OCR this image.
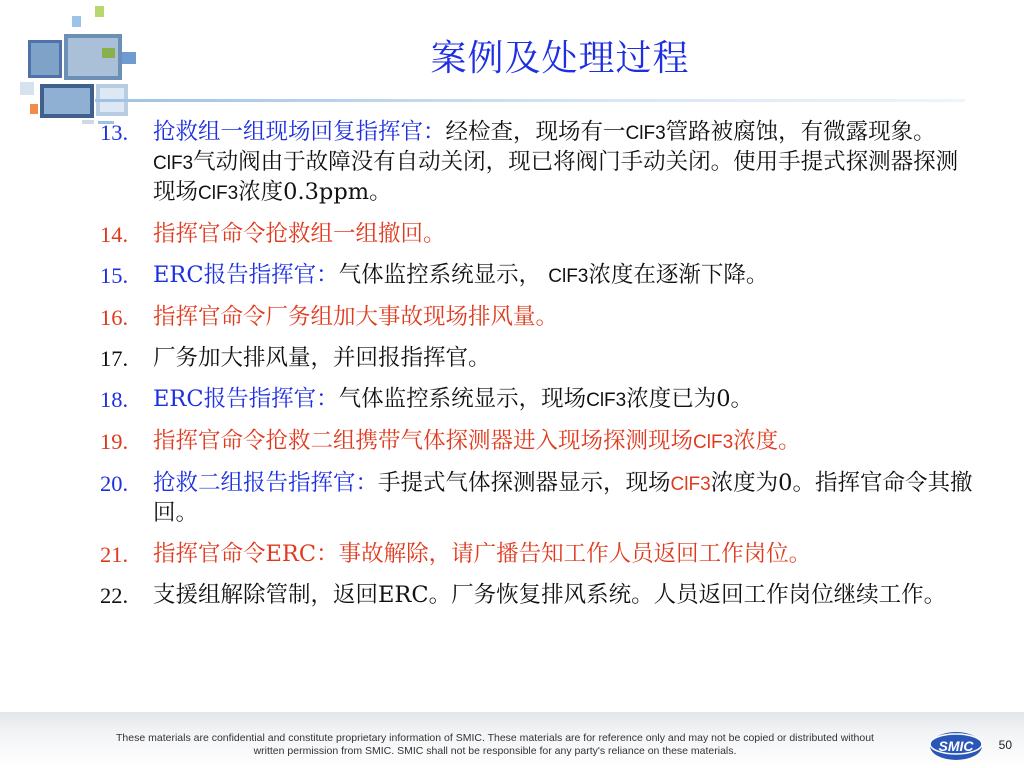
案例及处理过程
13.	抢救组一组现场回复指挥官：经检查，现场有一ClF3管路被腐蚀，有微露现象。 ClF3气动阀由于故障没有自动关闭，现已将阀门手动关闭。使用手提式探测器探测现场ClF3浓度0.3ppm。
14.	指挥官命令抢救组一组撤回。
15.	ERC报告指挥官：气体监控系统显示， ClF3浓度在逐渐下降。
16.	指挥官命令厂务组加大事故现场排风量。
17.	厂务加大排风量，并回报指挥官。
18.	ERC报告指挥官：气体监控系统显示，现场ClF3浓度已为0。
19.	指挥官命令抢救二组携带气体探测器进入现场探测现场ClF3浓度。
20.	抢救二组报告指挥官：手提式气体探测器显示，现场ClF3浓度为0。指挥官命令其撤回。
21.	指挥官命令ERC：事故解除，请广播告知工作人员返回工作岗位。
22.	支援组解除管制，返回ERC。厂务恢复排风系统。人员返回工作岗位继续工作。
These materials are confidential and constitute proprietary information of SMIC. These materials are for reference only and may not be copied or distributed without
written permission from SMIC. SMIC shall not be responsible for any party's reliance on these materials.	SMIC	50
